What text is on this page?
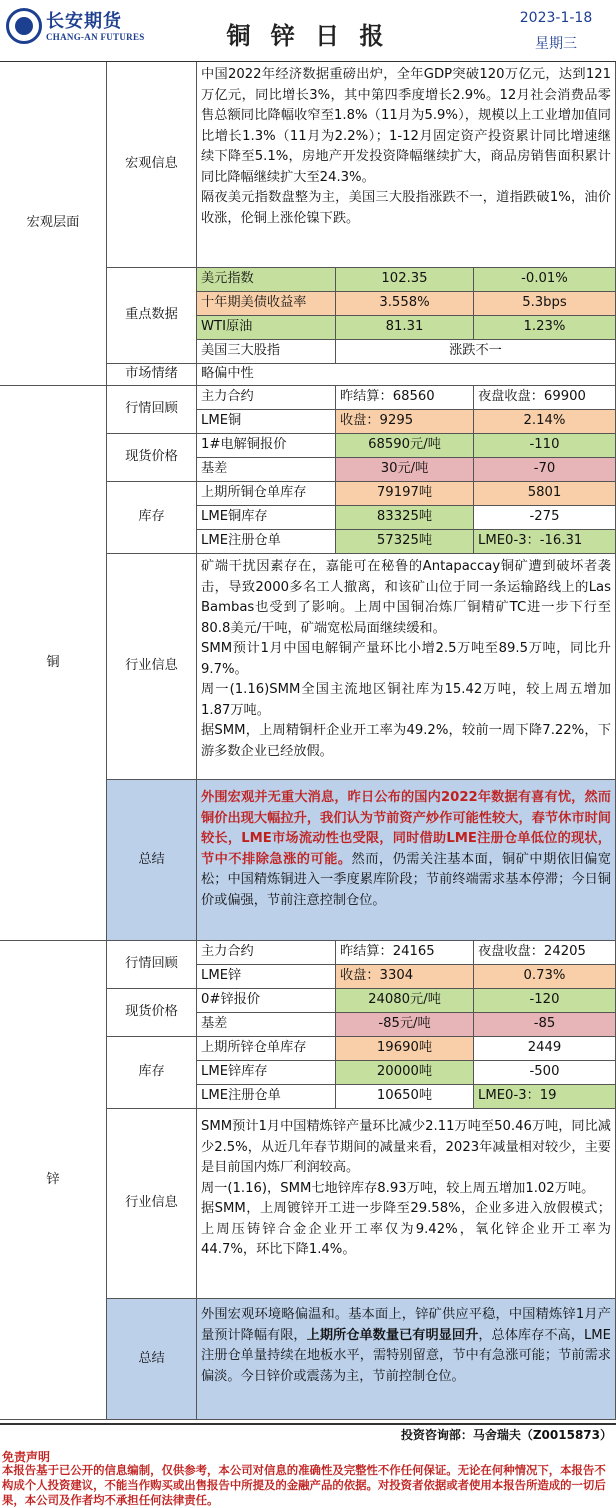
长安期货
CHANG-AN FUTURES	铜 锌 日 报
2023-1-18
星期三
宏观层面
宏观信息
中国2022年经济数据重磅出炉，全年GDP突破120万亿元，达到121万亿元，同比增长3%，其中第四季度增长2.9%。12月社会消费品零售总额同比降幅收窄至1.8%（11月为5.9%），规模以上工业增加值同比增长1.3%（11月为2.2%）；1-12月固定资产投资累计同比增速继续下降至5.1%，房地产开发投资降幅继续扩大，商品房销售面积累计同比降幅继续扩大至24.3%。
隔夜美元指数盘整为主，美国三大股指涨跌不一，道指跌破1%，油价收涨，伦铜上涨伦镍下跌。
重点数据
美元指数	102.35	-0.01%
十年期美债收益率	3.558%	5.3bps
WTI原油	81.31	1.23%
美国三大股指	涨跌不一
市场情绪	略偏中性
铜
行情回顾
主力合约	昨结算：68560	夜盘收盘：69900
LME铜	收盘：9295	2.14%
现货价格
1#电解铜报价	68590元/吨	-110
基差	30元/吨	-70
库存
上期所铜仓单库存	79197吨	5801
LME铜库存	83325吨	-275
LME注册仓单	57325吨	LME0-3：-16.31
行业信息
矿端干扰因素存在，嘉能可在秘鲁的Antapaccay铜矿遭到破坏者袭击，导致2000多名工人撤离，和该矿山位于同一条运输路线上的Las Bambas也受到了影响。上周中国铜冶炼厂铜精矿TC进一步下行至80.8美元/干吨，矿端宽松局面继续缓和。
SMM预计1月中国电解铜产量环比小增2.5万吨至89.5万吨，同比升9.7%。
周一(1.16)SMM全国主流地区铜社库为15.42万吨，较上周五增加1.87万吨。
据SMM，上周精铜杆企业开工率为49.2%，较前一周下降7.22%，下游多数企业已经放假。
总结
外围宏观并无重大消息，昨日公布的国内2022年数据有喜有忧，然而铜价出现大幅拉升，我们认为节前资产炒作可能性较大，春节休市时间较长，LME市场流动性也受限，同时借助LME注册仓单低位的现状，节中不排除急涨的可能。然而，仍需关注基本面，铜矿中期依旧偏宽松；中国精炼铜进入一季度累库阶段；节前终端需求基本停滞；今日铜价或偏强，节前注意控制仓位。
锌
行情回顾
主力合约	昨结算：24165	夜盘收盘：24205
LME锌	收盘：3304	0.73%
现货价格
0#锌报价	24080元/吨	-120
基差	-85元/吨	-85
库存
上期所锌仓单库存	19690吨	2449
LME锌库存	20000吨	-500
LME注册仓单	10650吨	LME0-3：19
行业信息
SMM预计1月中国精炼锌产量环比减少2.11万吨至50.46万吨，同比减少2.5%，从近几年春节期间的减量来看，2023年减量相对较少，主要是目前国内炼厂利润较高。
周一(1.16)，SMM七地锌库存8.93万吨，较上周五增加1.02万吨。
据SMM，上周镀锌开工进一步降至29.58%，企业多进入放假模式；上周压铸锌合金企业开工率仅为9.42%，氧化锌企业开工率为44.7%，环比下降1.4%。
总结
外围宏观环境略偏温和。基本面上，锌矿供应平稳，中国精炼锌1月产量预计降幅有限，上期所仓单数量已有明显回升，总体库存不高，LME注册仓单量持续在地板水平，需特别留意，节中有急涨可能；节前需求偏淡。今日锌价或震荡为主，节前控制仓位。
投资咨询部：马舍瑞夫（Z0015873）
免责声明
本报告基于已公开的信息编制，仅供参考，本公司对信息的准确性及完整性不作任何保证。无论在何种情况下，本报告不构成个人投资建议，不能当作购买或出售报告中所提及的金融产品的依据。对投资者依据或者使用本报告所造成的一切后果，本公司及作者均不承担任何法律责任。
